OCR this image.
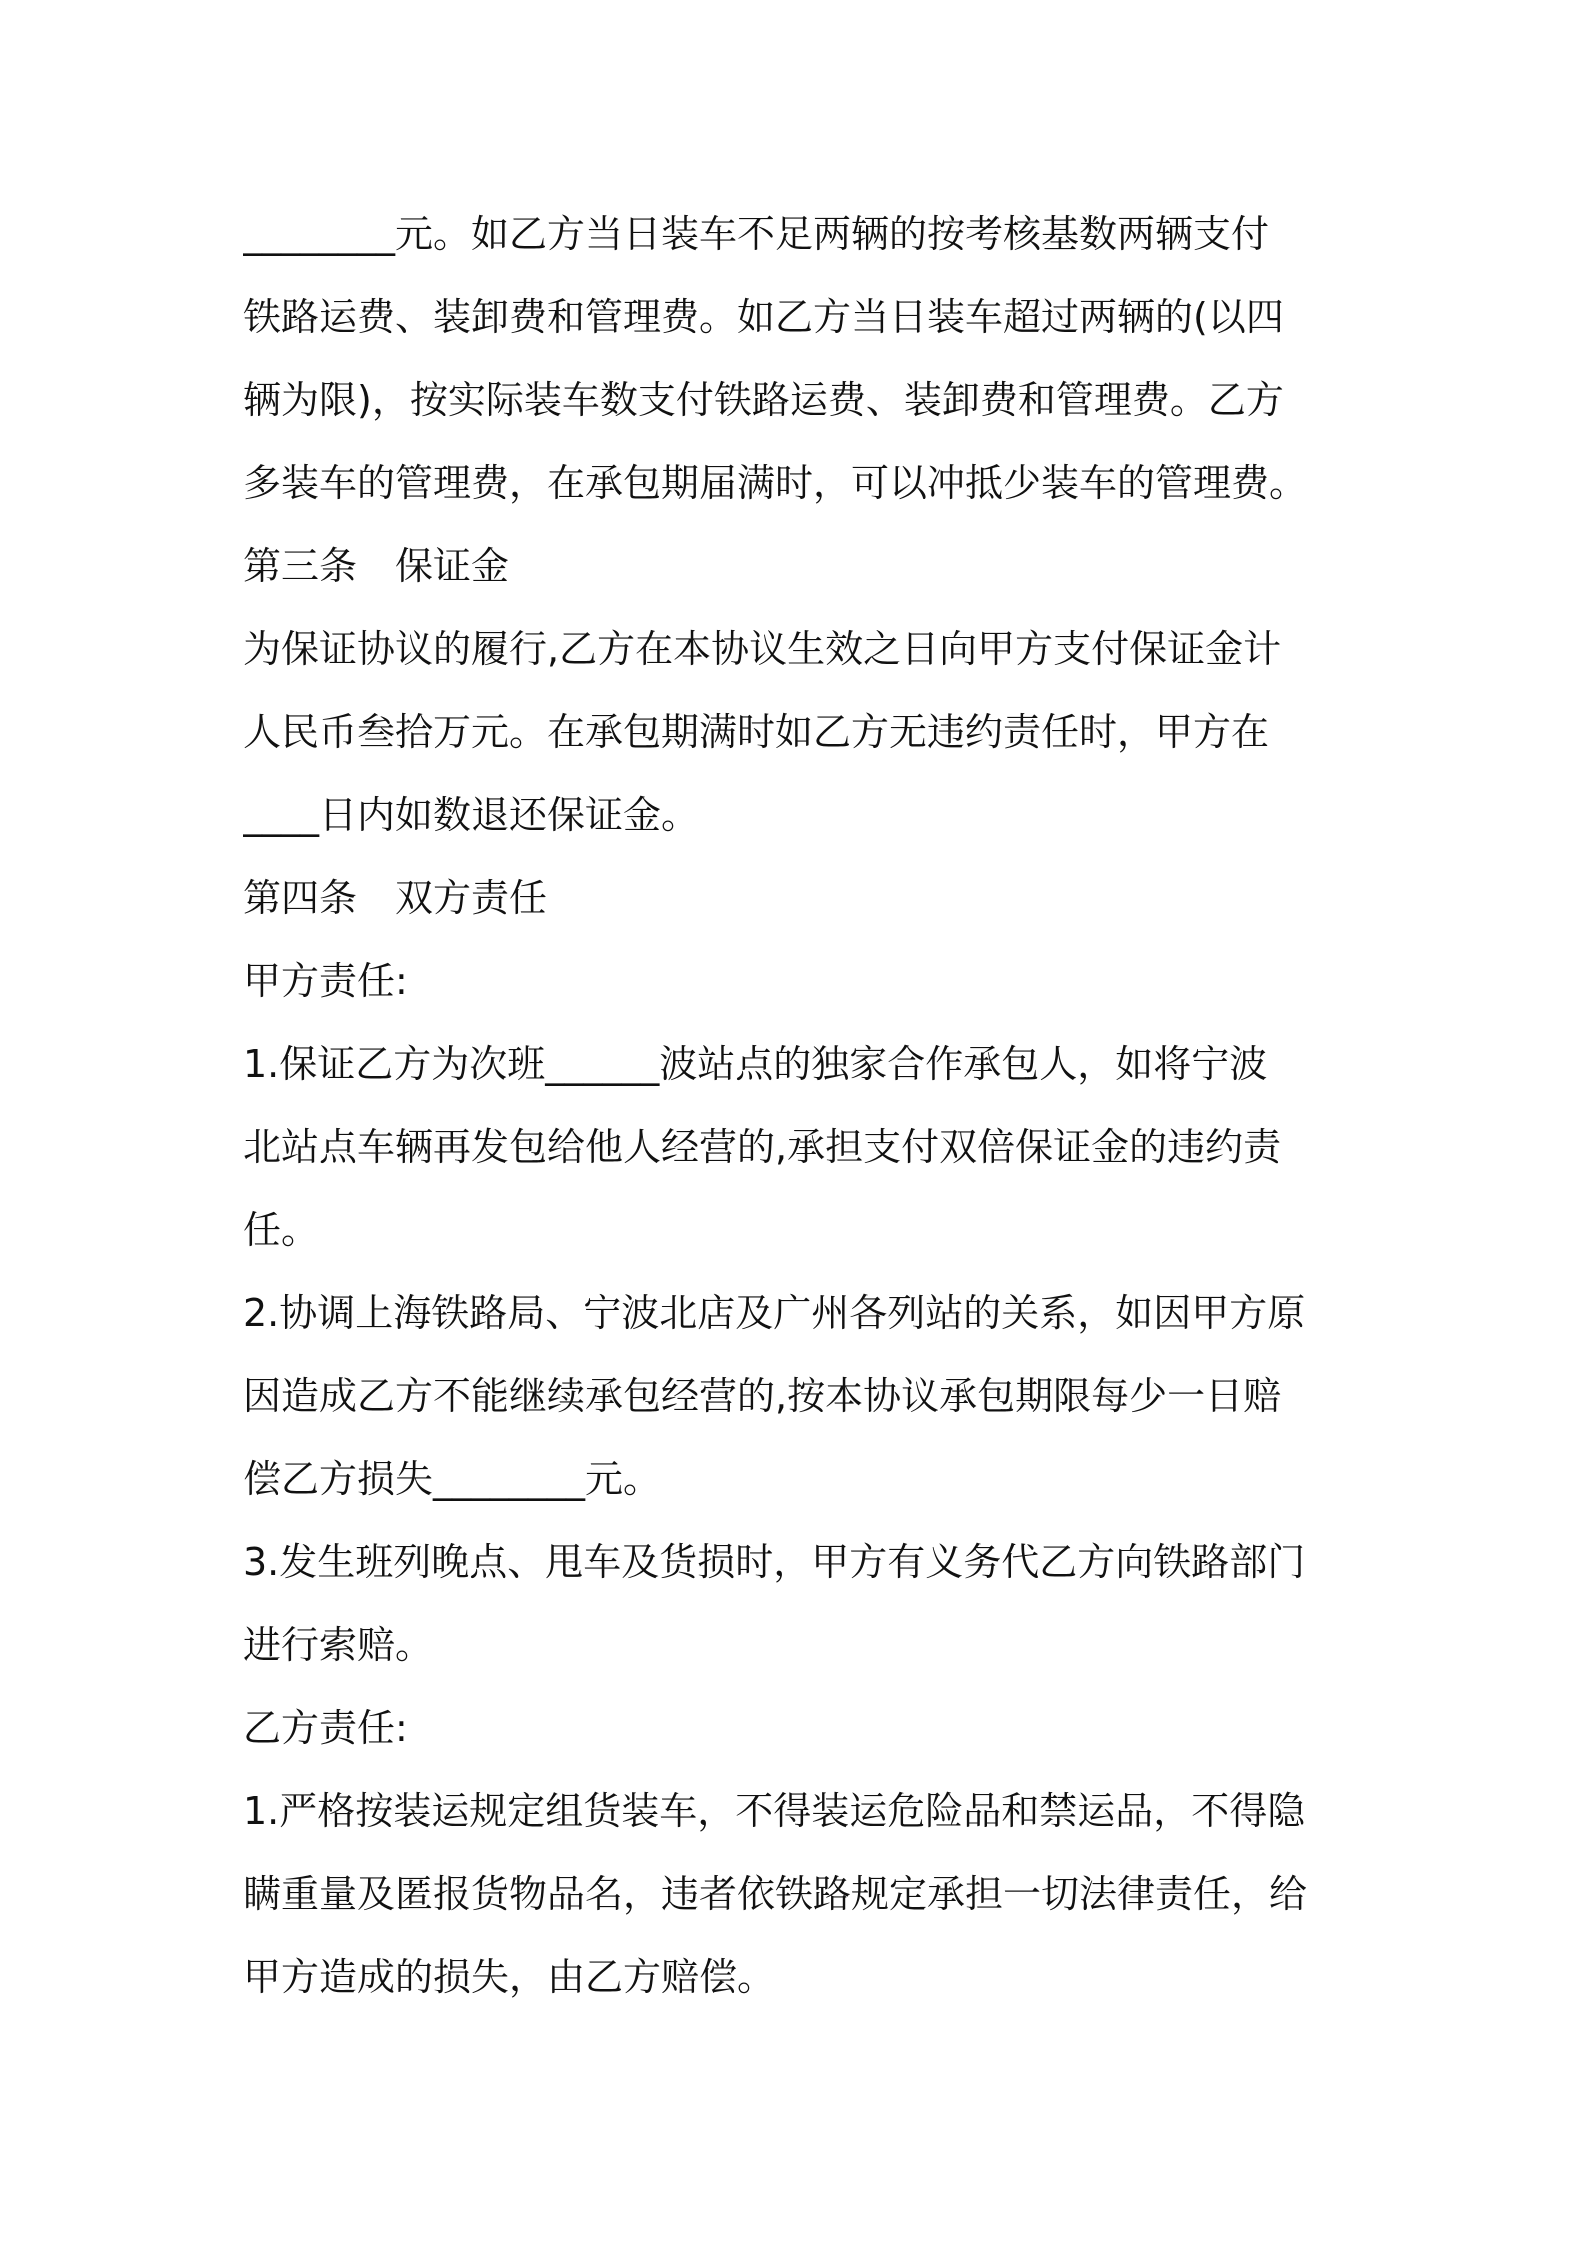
________元。如乙方当日装车不足两辆的按考核基数两辆支付
铁路运费、装卸费和管理费。如乙方当日装车超过两辆的(以四
辆为限)，按实际装车数支付铁路运费、装卸费和管理费。乙方
多装车的管理费，在承包期届满时，可以冲抵少装车的管理费。
第三条　保证金
为保证协议的履行,乙方在本协议生效之日向甲方支付保证金计
人民币叁拾万元。在承包期满时如乙方无违约责任时，甲方在
____日内如数退还保证金。
第四条　双方责任
甲方责任:
1.保证乙方为次班______波站点的独家合作承包人，如将宁波
北站点车辆再发包给他人经营的,承担支付双倍保证金的违约责
任。
2.协调上海铁路局、宁波北店及广州各列站的关系，如因甲方原
因造成乙方不能继续承包经营的,按本协议承包期限每少一日赔
偿乙方损失________元。
3.发生班列晚点、甩车及货损时，甲方有义务代乙方向铁路部门
进行索赔。
乙方责任:
1.严格按装运规定组货装车，不得装运危险品和禁运品，不得隐
瞒重量及匿报货物品名，违者依铁路规定承担一切法律责任，给
甲方造成的损失，由乙方赔偿。
